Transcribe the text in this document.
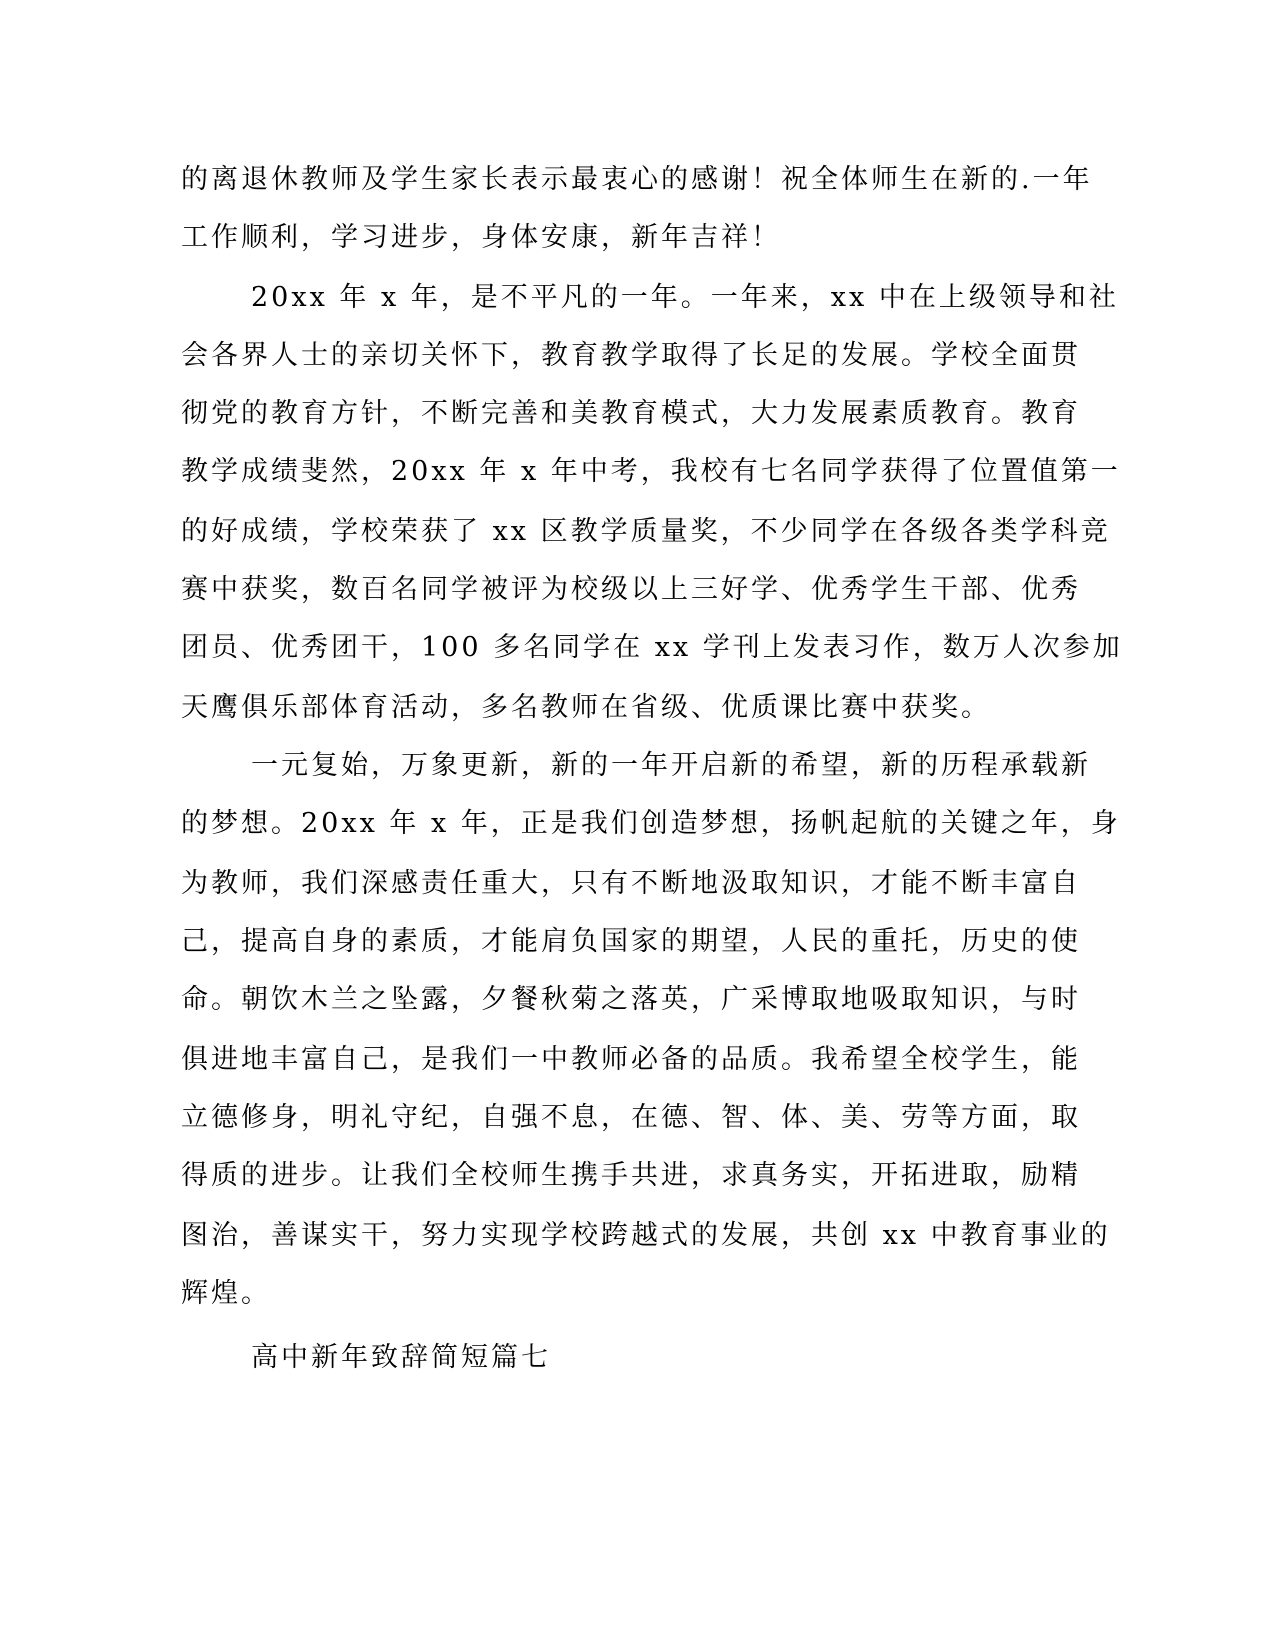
的离退休教师及学生家长表示最衷心的感谢！祝全体师生在新的.一年
工作顺利，学习进步，身体安康，新年吉祥！
20xx 年 x 年，是不平凡的一年。一年来，xx 中在上级领导和社
会各界人士的亲切关怀下，教育教学取得了长足的发展。学校全面贯
彻党的教育方针，不断完善和美教育模式，大力发展素质教育。教育
教学成绩斐然，20xx 年 x 年中考，我校有七名同学获得了位置值第一
的好成绩，学校荣获了 xx 区教学质量奖，不少同学在各级各类学科竞
赛中获奖，数百名同学被评为校级以上三好学、优秀学生干部、优秀
团员、优秀团干，100 多名同学在 xx 学刊上发表习作，数万人次参加
天鹰俱乐部体育活动，多名教师在省级、优质课比赛中获奖。
一元复始，万象更新，新的一年开启新的希望，新的历程承载新
的梦想。20xx 年 x 年，正是我们创造梦想，扬帆起航的关键之年，身
为教师，我们深感责任重大，只有不断地汲取知识，才能不断丰富自
己，提高自身的素质，才能肩负国家的期望，人民的重托，历史的使
命。朝饮木兰之坠露，夕餐秋菊之落英，广采博取地吸取知识，与时
俱进地丰富自己，是我们一中教师必备的品质。我希望全校学生，能
立德修身，明礼守纪，自强不息，在德、智、体、美、劳等方面，取
得质的进步。让我们全校师生携手共进，求真务实，开拓进取，励精
图治，善谋实干，努力实现学校跨越式的发展，共创 xx 中教育事业的
辉煌。
高中新年致辞简短篇七
